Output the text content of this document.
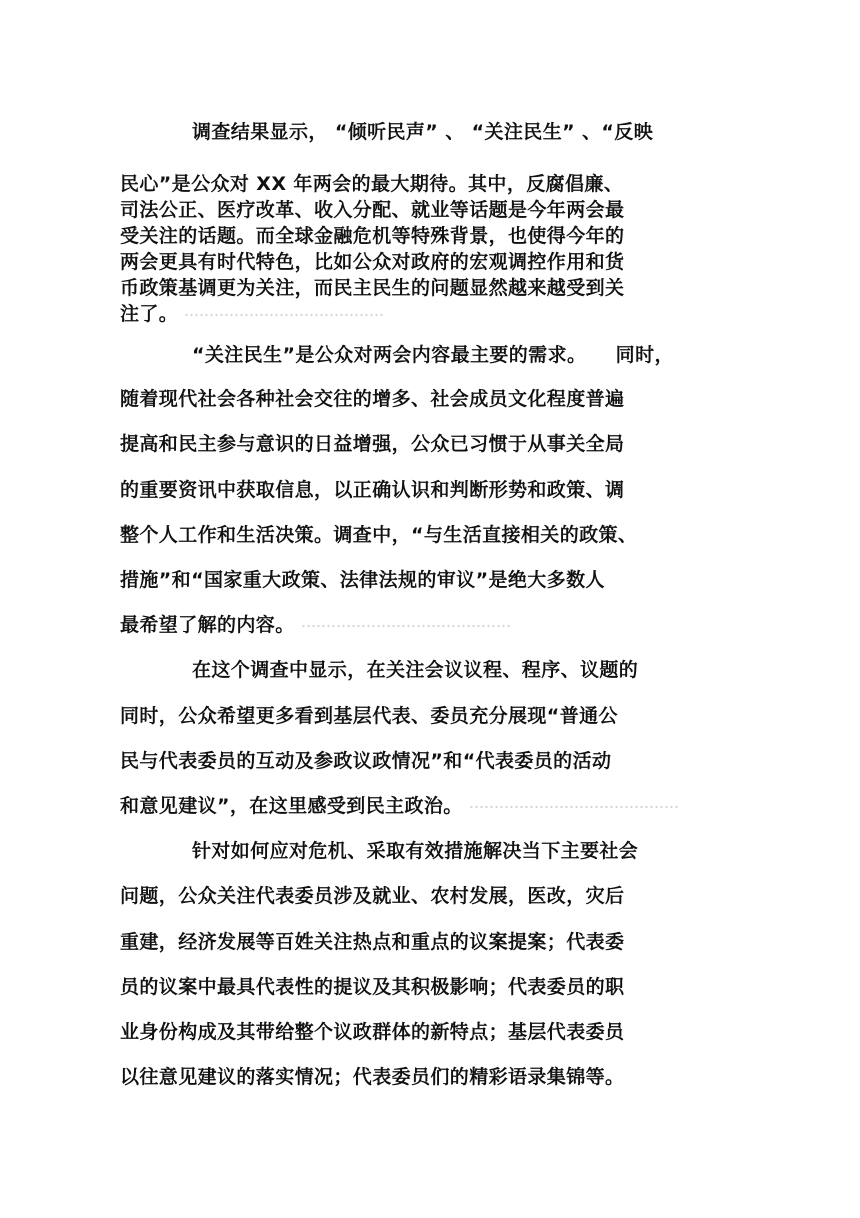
调查结果显示， “倾听民声” 、 “关注民生” 、“反映
民心”是公众对 XX 年两会的最大期待。其中，反腐倡廉、
司法公正、医疗改革、收入分配、就业等话题是今年两会最
受关注的话题。而全球金融危机等特殊背景，也使得今年的
两会更具有时代特色，比如公众对政府的宏观调控作用和货
币政策基调更为关注，而民主民生的问题显然越来越受到关
注了。
“关注民生”是公众对两会内容最主要的需求。　　同时，
随着现代社会各种社会交往的增多、社会成员文化程度普遍
提高和民主参与意识的日益增强，公众已习惯于从事关全局
的重要资讯中获取信息，以正确认识和判断形势和政策、调
整个人工作和生活决策。调查中，“与生活直接相关的政策、
措施”和“国家重大政策、法律法规的审议”是绝大多数人
最希望了解的内容。
在这个调查中显示，在关注会议议程、程序、议题的
同时，公众希望更多看到基层代表、委员充分展现“普通公
民与代表委员的互动及参政议政情况”和“代表委员的活动
和意见建议”，在这里感受到民主政治。
针对如何应对危机、采取有效措施解决当下主要社会
问题，公众关注代表委员涉及就业、农村发展，医改，灾后
重建，经济发展等百姓关注热点和重点的议案提案；代表委
员的议案中最具代表性的提议及其积极影响；代表委员的职
业身份构成及其带给整个议政群体的新特点；基层代表委员
以往意见建议的落实情况；代表委员们的精彩语录集锦等。
